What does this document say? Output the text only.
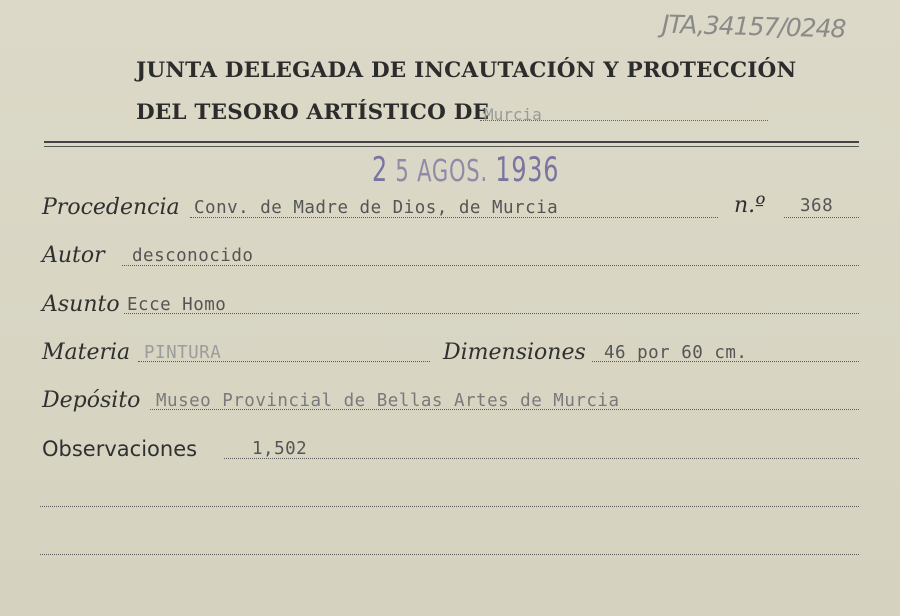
JTA,34157/0248
JUNTA DELEGADA DE INCAUTACIÓN Y PROTECCIÓN
DEL TESORO ARTÍSTICO DE
Murcia
2 5 AGOS. 1936
Procedencia Conv. de Madre de Dios, de Murcia	n.º 368
Autor desconocido
Asunto Ecce Homo
Materia PINTURA	Dimensiones 46 por 60 cm.
Depósito Museo Provincial de Bellas Artes de Murcia
Observaciones	1,502
